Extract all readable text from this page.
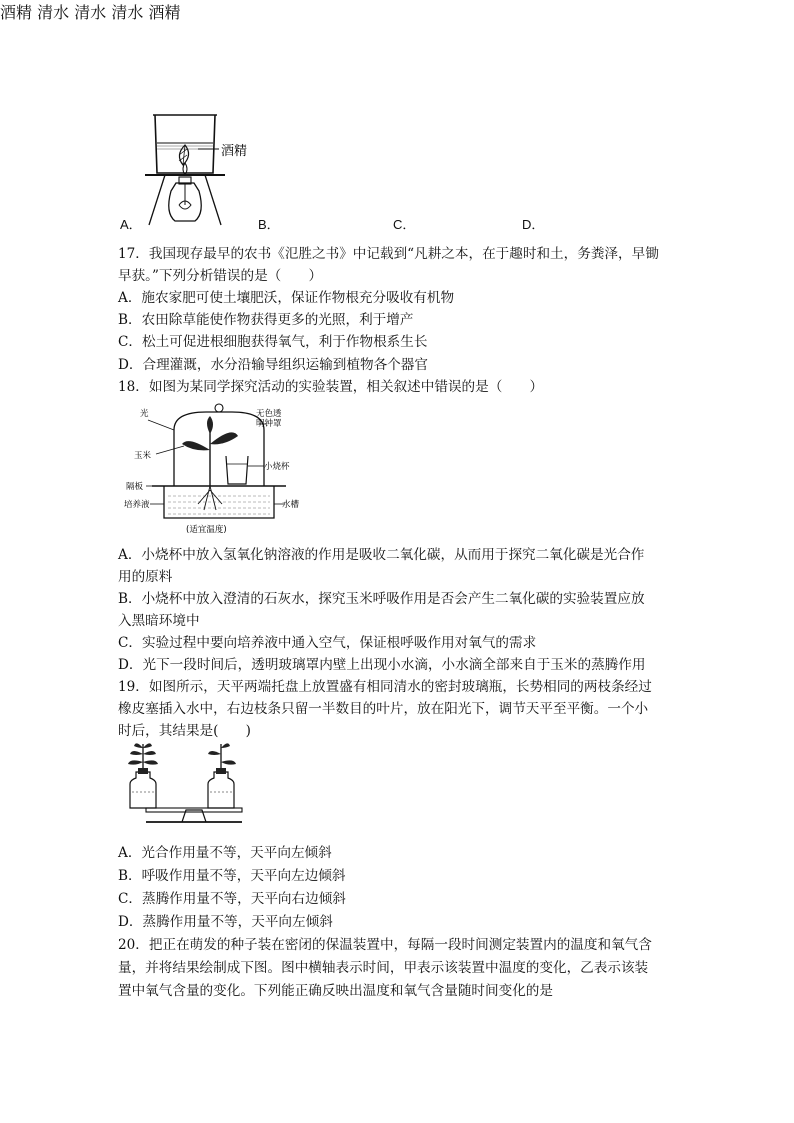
酒精
酒精 清水 清水 清水 酒精
A．	B．	C．	D．
17．我国现存最早的农书《氾胜之书》中记载到“凡耕之本，在于趣时和土，务粪泽，早锄
早获。”下列分析错误的是（　　）
A．施农家肥可使土壤肥沃，保证作物根充分吸收有机物
B．农田除草能使作物获得更多的光照，利于增产
C．松土可促进根细胞获得氧气，利于作物根系生长
D．合理灌溉，水分沿输导组织运输到植物各个器官
18．如图为某同学探究活动的实验装置，相关叙述中错误的是（　　）
光
玉米
无色透
明钟罩
小烧杯
隔板
培养液	水槽
(适宜温度)
A．小烧杯中放入氢氧化钠溶液的作用是吸收二氧化碳，从而用于探究二氧化碳是光合作
用的原料
B．小烧杯中放入澄清的石灰水，探究玉米呼吸作用是否会产生二氧化碳的实验装置应放
入黑暗环境中
C．实验过程中要向培养液中通入空气，保证根呼吸作用对氧气的需求
D．光下一段时间后，透明玻璃罩内壁上出现小水滴，小水滴全部来自于玉米的蒸腾作用
19．如图所示，天平两端托盘上放置盛有相同清水的密封玻璃瓶，长势相同的两枝条经过
橡皮塞插入水中，右边枝条只留一半数目的叶片，放在阳光下，调节天平至平衡。一个小
时后，其结果是(　　)
A．光合作用量不等，天平向左倾斜
B．呼吸作用量不等，天平向左边倾斜
C．蒸腾作用量不等，天平向右边倾斜
D．蒸腾作用量不等，天平向左倾斜
20．把正在萌发的种子装在密闭的保温装置中，每隔一段时间测定装置内的温度和氧气含
量，并将结果绘制成下图。图中横轴表示时间，甲表示该装置中温度的变化，乙表示该装
置中氧气含量的变化。下列能正确反映出温度和氧气含量随时间变化的是
